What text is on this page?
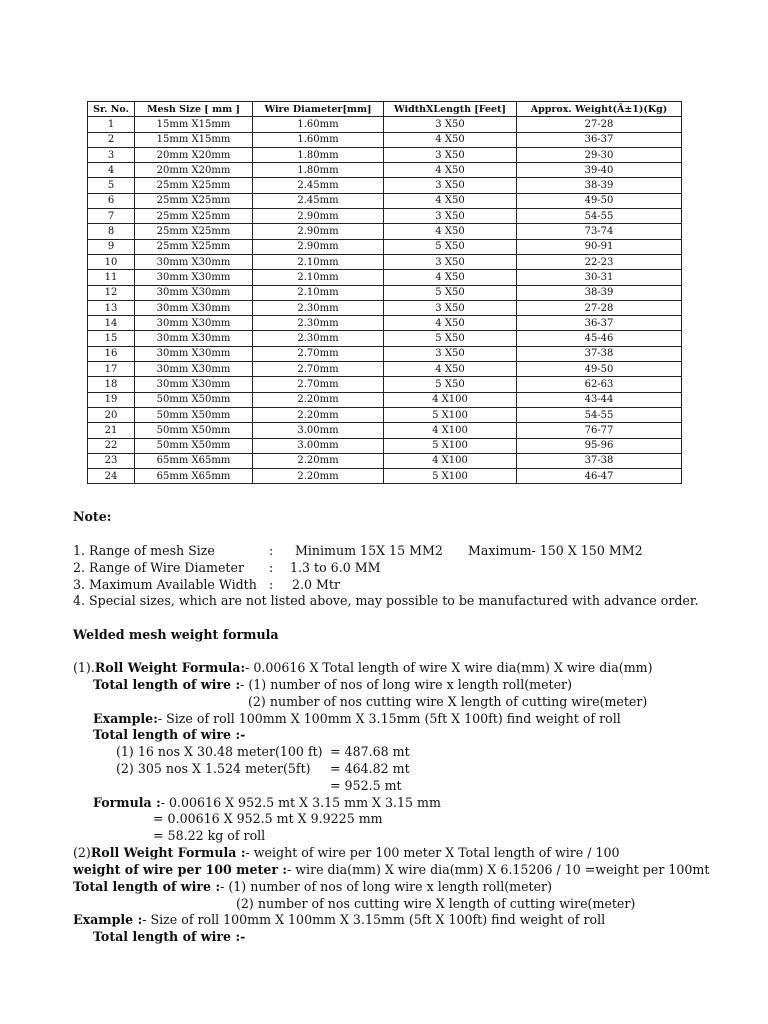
Sr. No.	Mesh Size [ mm ]	Wire Diameter[mm]	WidthXLength [Feet]	Approx. Weight(Â±1)(Kg)
1	15mm X15mm	1.60mm	3 X50	27-28
2	15mm X15mm	1.60mm	4 X50	36-37
3	20mm X20mm	1.80mm	3 X50	29-30
4	20mm X20mm	1.80mm	4 X50	39-40
5	25mm X25mm	2.45mm	3 X50	38-39
6	25mm X25mm	2.45mm	4 X50	49-50
7	25mm X25mm	2.90mm	3 X50	54-55
8	25mm X25mm	2.90mm	4 X50	73-74
9	25mm X25mm	2.90mm	5 X50	90-91
10	30mm X30mm	2.10mm	3 X50	22-23
11	30mm X30mm	2.10mm	4 X50	30-31
12	30mm X30mm	2.10mm	5 X50	38-39
13	30mm X30mm	2.30mm	3 X50	27-28
14	30mm X30mm	2.30mm	4 X50	36-37
15	30mm X30mm	2.30mm	5 X50	45-46
16	30mm X30mm	2.70mm	3 X50	37-38
17	30mm X30mm	2.70mm	4 X50	49-50
18	30mm X30mm	2.70mm	5 X50	62-63
19	50mm X50mm	2.20mm	4 X100	43-44
20	50mm X50mm	2.20mm	5 X100	54-55
21	50mm X50mm	3.00mm	4 X100	76-77
22	50mm X50mm	3.00mm	5 X100	95-96
23	65mm X65mm	2.20mm	4 X100	37-38
24	65mm X65mm	2.20mm	5 X100	46-47
Note:
1. Range of mesh Size	: Minimum 15X 15 MM2 Maximum- 150 X 150 MM2
2. Range of Wire Diameter : 1.3 to 6.0 MM
3. Maximum Available Width : 2.0 Mtr
4. Special sizes, which are not listed above, may possible to be manufactured with advance order.
Welded mesh weight formula
(1).Roll Weight Formula:- 0.00616 X Total length of wire X wire dia(mm) X wire dia(mm)
Total length of wire :- (1) number of nos of long wire x length roll(meter)
(2) number of nos cutting wire X length of cutting wire(meter)
Example:- Size of roll 100mm X 100mm X 3.15mm (5ft X 100ft) find weight of roll
Total length of wire :-
(1) 16 nos X 30.48 meter(100 ft) = 487.68 mt
(2) 305 nos X 1.524 meter(5ft) = 464.82 mt
= 952.5 mt
Formula :- 0.00616 X 952.5 mt X 3.15 mm X 3.15 mm
= 0.00616 X 952.5 mt X 9.9225 mm
= 58.22 kg of roll
(2)Roll Weight Formula :- weight of wire per 100 meter X Total length of wire / 100
weight of wire per 100 meter :- wire dia(mm) X wire dia(mm) X 6.15206 / 10 =weight per 100mt
Total length of wire :- (1) number of nos of long wire x length roll(meter)
(2) number of nos cutting wire X length of cutting wire(meter)
Example :- Size of roll 100mm X 100mm X 3.15mm (5ft X 100ft) find weight of roll
Total length of wire :-
